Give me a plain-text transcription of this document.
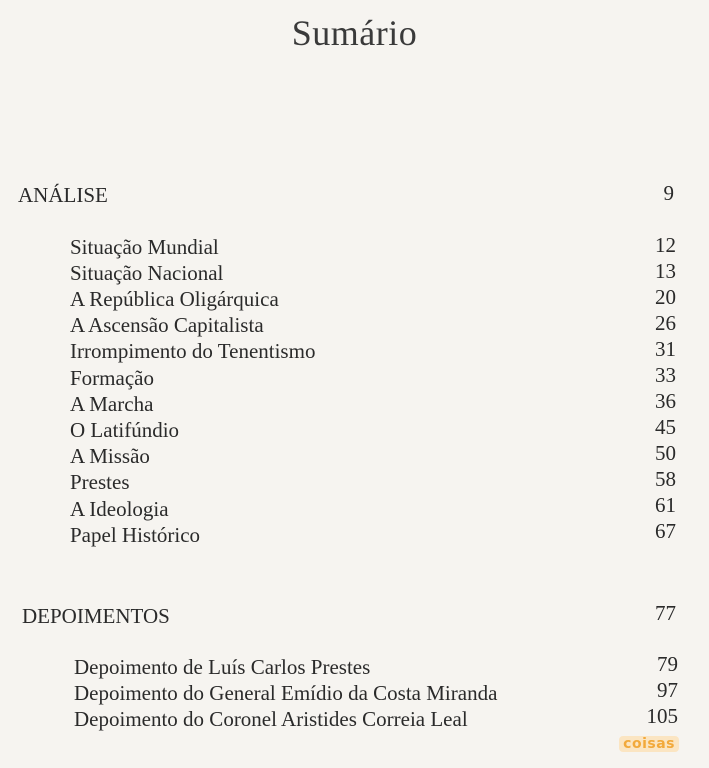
Sumário
ANÁLISE	9
Situação Mundial	12
Situação Nacional	13
A República Oligárquica	20
A Ascensão Capitalista	26
Irrompimento do Tenentismo	31
Formação	33
A Marcha	36
O Latifúndio	45
A Missão	50
Prestes	58
A Ideologia	61
Papel Histórico	67
DEPOIMENTOS	77
Depoimento de Luís Carlos Prestes	79
Depoimento do General Emídio da Costa Miranda	97
Depoimento do Coronel Aristides Correia Leal	105
coisas
